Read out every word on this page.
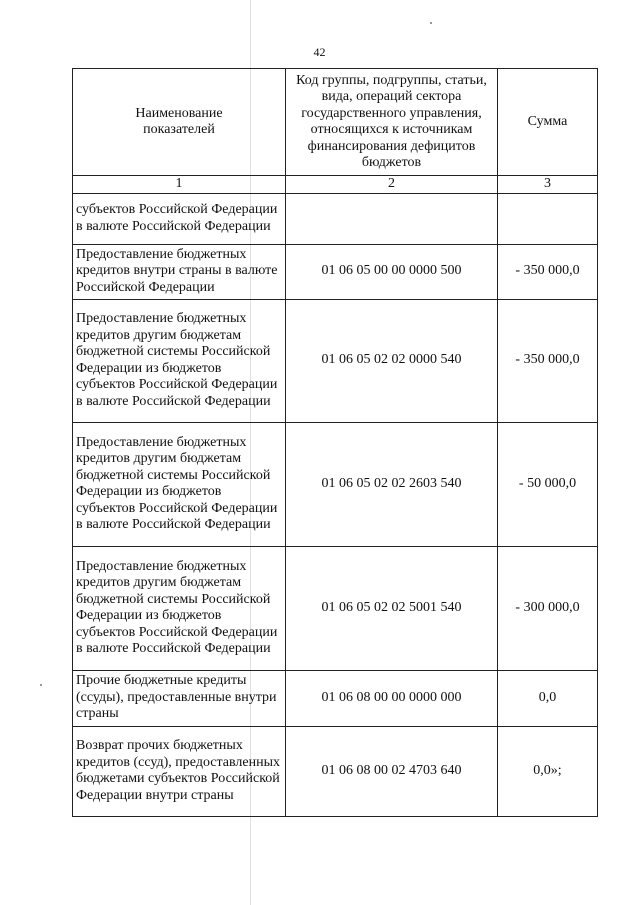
42
Наименование показателей	Код группы, подгруппы, статьи, вида, операций сектора государственного управления, относящихся к источникам финансирования дефицитов бюджетов	Сумма
1	2	3
субъектов Российской Федерации в валюте Российской Федерации		
Предоставление бюджетных кредитов внутри страны в валюте Российской Федерации	01 06 05 00 00 0000 500	- 350 000,0
Предоставление бюджетных кредитов другим бюджетам бюджетной системы Российской Федерации из бюджетов субъектов Российской Федерации в валюте Российской Федерации	01 06 05 02 02 0000 540	- 350 000,0
Предоставление бюджетных кредитов другим бюджетам бюджетной системы Российской Федерации из бюджетов субъектов Российской Федерации в валюте Российской Федерации	01 06 05 02 02 2603 540	- 50 000,0
Предоставление бюджетных кредитов другим бюджетам бюджетной системы Российской Федерации из бюджетов субъектов Российской Федерации в валюте Российской Федерации	01 06 05 02 02 5001 540	- 300 000,0
Прочие бюджетные кредиты (ссуды), предоставленные внутри страны	01 06 08 00 00 0000 000	0,0
Возврат прочих бюджетных кредитов (ссуд), предоставленных бюджетами субъектов Российской Федерации внутри страны	01 06 08 00 02 4703 640	0,0»;
